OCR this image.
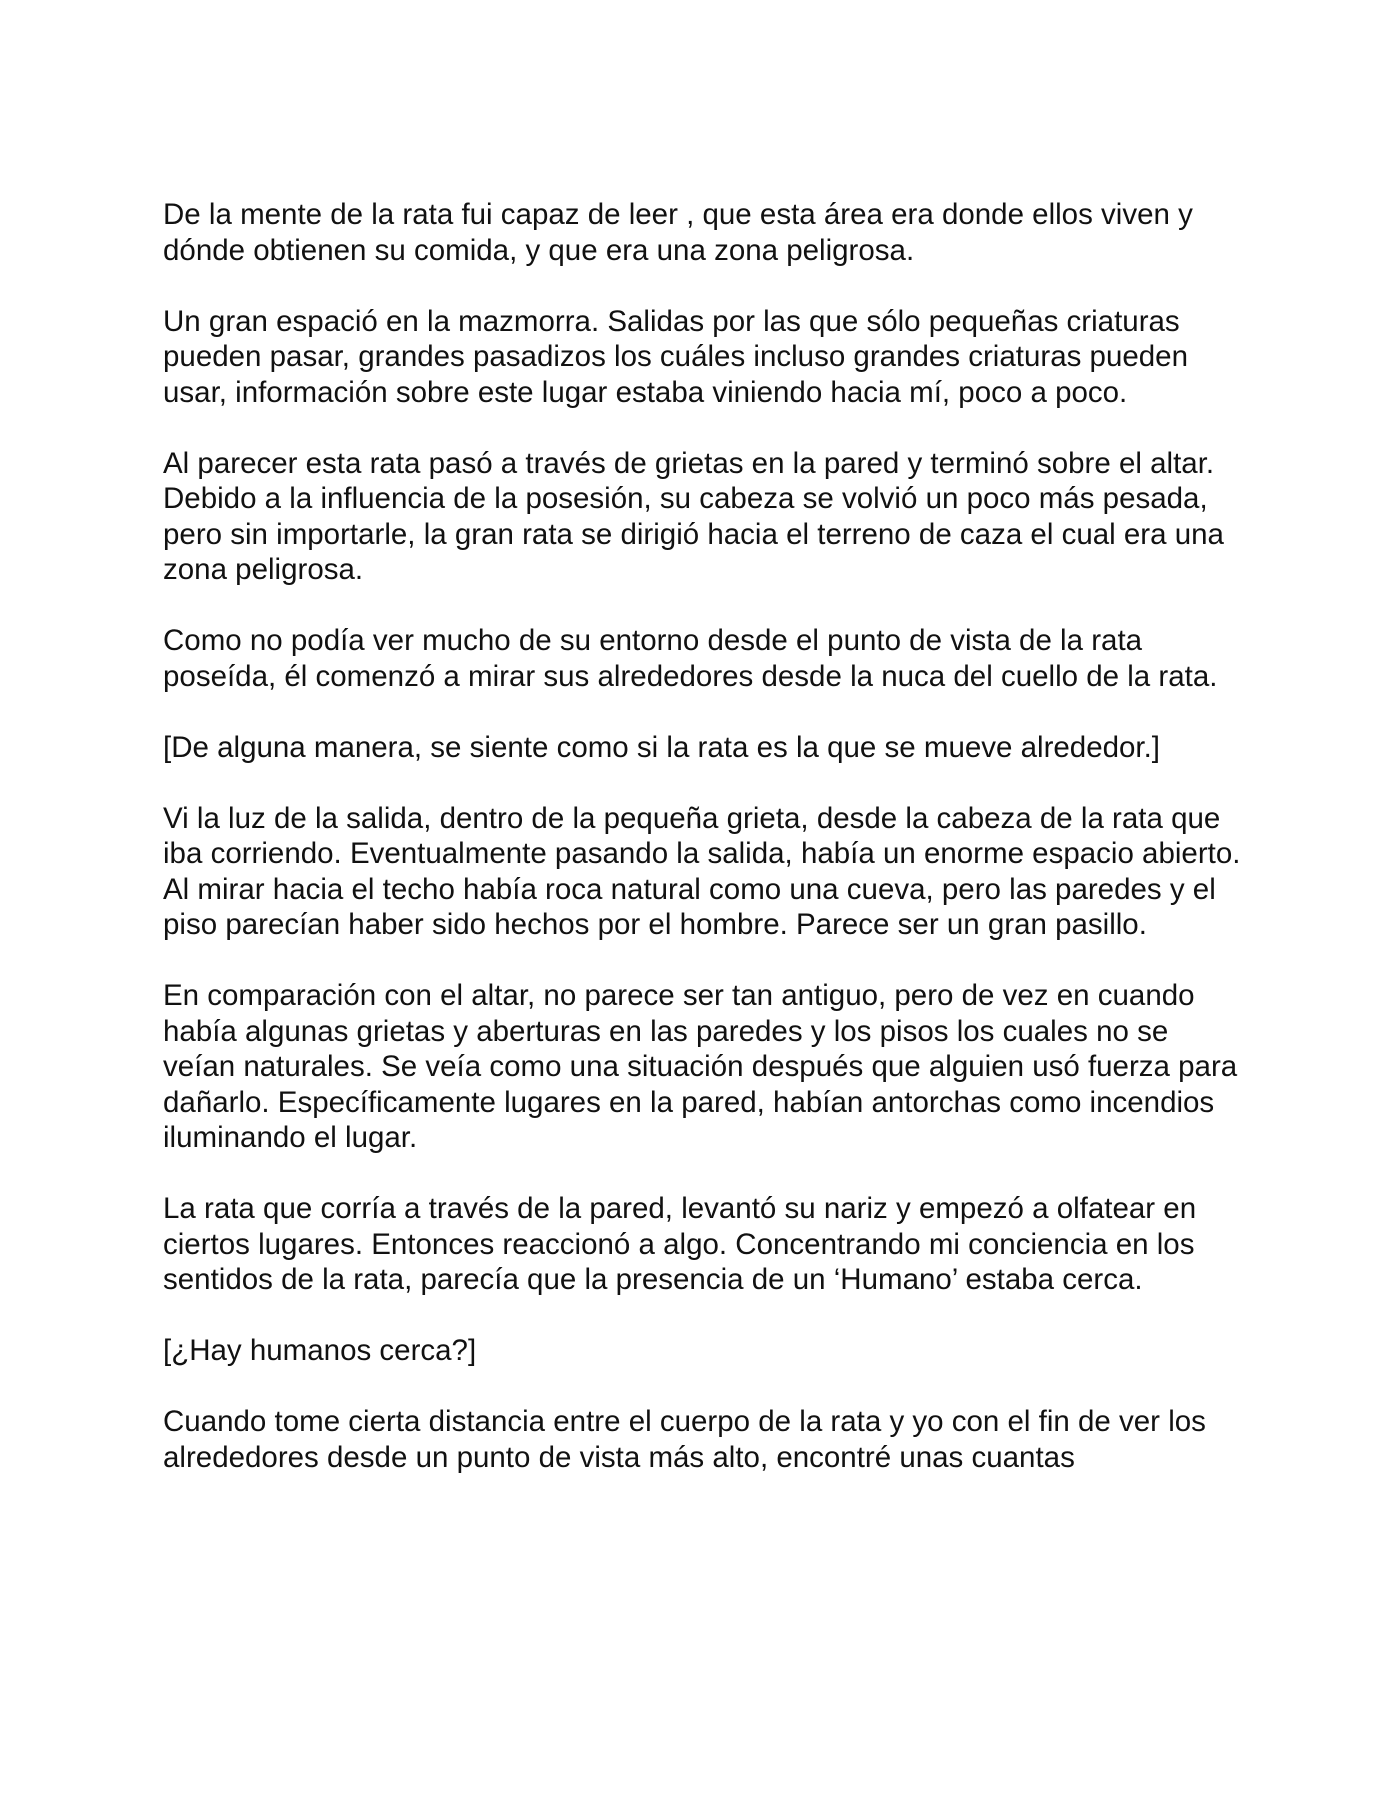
De la mente de la rata fui capaz de leer , que esta área era donde ellos viven y dónde obtienen su comida, y que era una zona peligrosa.

Un gran espació en la mazmorra. Salidas por las que sólo pequeñas criaturas pueden pasar, grandes pasadizos los cuáles incluso grandes criaturas pueden usar, información sobre este lugar estaba viniendo hacia mí, poco a poco.

Al parecer esta rata pasó a través de grietas en la pared y terminó sobre el altar. Debido a la influencia de la posesión, su cabeza se volvió un poco más pesada, pero sin importarle, la gran rata se dirigió hacia el terreno de caza el cual era una zona peligrosa.

Como no podía ver mucho de su entorno desde el punto de vista de la rata poseída, él comenzó a mirar sus alrededores desde la nuca del cuello de la rata.

[De alguna manera, se siente como si la rata es la que se mueve alrededor.]

Vi la luz de la salida, dentro de la pequeña grieta, desde la cabeza de la rata que iba corriendo. Eventualmente pasando la salida, había un enorme espacio abierto. Al mirar hacia el techo había roca natural como una cueva, pero las paredes y el piso parecían haber sido hechos por el hombre. Parece ser un gran pasillo.

En comparación con el altar, no parece ser tan antiguo, pero de vez en cuando había algunas grietas y aberturas en las paredes y los pisos los cuales no se veían naturales. Se veía como una situación después que alguien usó fuerza para dañarlo. Específicamente lugares en la pared, habían antorchas como incendios iluminando el lugar.

La rata que corría a través de la pared, levantó su nariz y empezó a olfatear en ciertos lugares. Entonces reaccionó a algo. Concentrando mi conciencia en los sentidos de la rata, parecía que la presencia de un ‘Humano’ estaba cerca.

[¿Hay humanos cerca?]

Cuando tome cierta distancia entre el cuerpo de la rata y yo con el fin de ver los alrededores desde un punto de vista más alto, encontré unas cuantas
